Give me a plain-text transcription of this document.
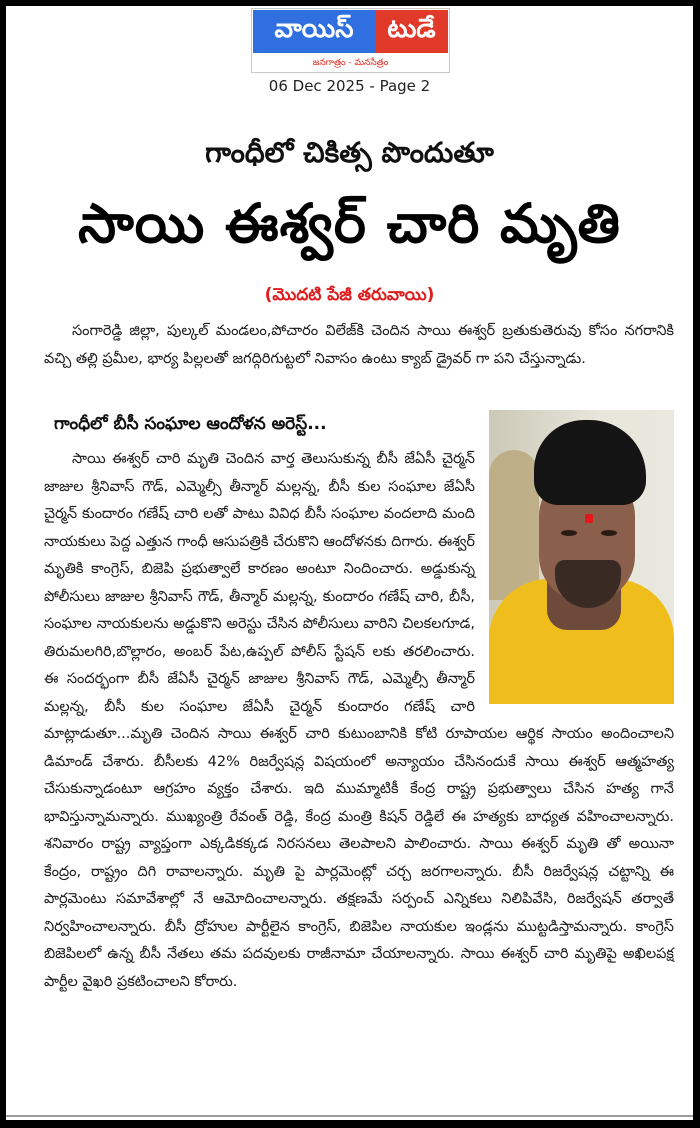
వాయిస్	టుడే
జనగాత్రం - మనసేత్రం
06 Dec 2025 - Page 2
గాంధీలో చికిత్స పొందుతూ
సాయి ఈశ్వర్ చారి మృతి
(మొదటి పేజీ తరువాయి)
సంగారెడ్డి జిల్లా, పుల్కల్ మండలం,పోచారం విలేజ్‌కి చెందిన సాయి ఈశ్వర్ బ్రతుకుతెరువు కోసం నగరానికి వచ్చి తల్లి ప్రమీల, భార్య పిల్లలతో జగద్గిరిగుట్టలో నివాసం ఉంటు క్యాబ్ డ్రైవర్ గా పని చేస్తున్నాడు.
గాంధీలో బీసీ సంఘాల ఆందోళన అరెస్ట్...

సాయి ఈశ్వర్ చారి మృతి చెందిన వార్త తెలుసుకున్న బీసీ జేఏసీ చైర్మన్ జాజుల శ్రీనివాస్ గౌడ్, ఎమ్మెల్సీ తీన్మార్ మల్లన్న, బీసీ కుల సంఘాల జేఏసీ చైర్మన్ కుందారం గణేష్ చారి లతో పాటు వివిధ బీసీ సంఘాల వందలాది మంది నాయకులు పెద్ద ఎత్తున గాంధీ ఆసుపత్రికి చేరుకొని ఆందోళనకు దిగారు. ఈశ్వర్ మృతికి కాంగ్రెస్, బిజెపి ప్రభుత్వాలే కారణం అంటూ నిందించారు. అడ్డుకున్న పోలీసులు జాజుల శ్రీనివాస్ గౌడ్, తీన్మార్ మల్లన్న, కుందారం గణేష్ చారి, బీసీ, సంఘాల నాయకులను అడ్డుకొని అరెస్టు చేసిన పోలీసులు వారిని చిలకలగూడ, తిరుమలగిరి,బొల్లారం, అంబర్ పేట,ఉప్పల్ పోలీస్ స్టేషన్ లకు తరలించారు. ఈ సందర్భంగా బీసీ జేఏసీ చైర్మన్ జాజుల శ్రీనివాస్ గౌడ్, ఎమ్మెల్సీ తీన్మార్ మల్లన్న, బీసీ కుల సంఘాల జేఏసీ చైర్మన్ కుందారం గణేష్ చారి మాట్లాడుతూ...మృతి చెందిన సాయి ఈశ్వర్ చారి కుటుంబానికి కోటి రూపాయల ఆర్థిక సాయం అందించాలని డిమాండ్ చేశారు. బీసీలకు 42% రిజర్వేషన్ల విషయంలో అన్యాయం చేసినందుకే సాయి ఈశ్వర్ ఆత్మహత్య చేసుకున్నాడంటూ ఆగ్రహం వ్యక్తం చేశారు. ఇది ముమ్మాటికీ కేంద్ర రాష్ట్ర ప్రభుత్వాలు చేసిన హత్య గానే భావిస్తున్నామన్నారు. ముఖ్యంత్రి రేవంత్ రెడ్డి, కేంద్ర మంత్రి కిషన్ రెడ్డిలే ఈ హత్యకు బాధ్యత వహించాలన్నారు. శనివారం రాష్ట్ర వ్యాప్తంగా ఎక్కడికక్కడ నిరసనలు తెలపాలని పాలించారు. సాయి ఈశ్వర్ మృతి తో అయినా కేంద్రం, రాష్ట్రం దిగి రావాలన్నారు. మృతి పై పార్లమెంట్లో చర్చ జరగాలన్నారు. బీసీ రిజర్వేషన్ల చట్టాన్ని ఈ పార్లమెంటు సమావేశాల్లో నే ఆమోదించాలన్నారు. తక్షణమే సర్పంచ్ ఎన్నికలు నిలిపివేసి, రిజర్వేషన్ తర్వాతే నిర్వహించాలన్నారు. బీసీ ద్రోహుల పార్టీలైన కాంగ్రెస్, బిజెపిల నాయకుల ఇండ్లను ముట్టడిస్తామన్నారు. కాంగ్రెస్ బిజెపిలలో ఉన్న బీసీ నేతలు తమ పదవులకు రాజీనామా చేయాలన్నారు. సాయి ఈశ్వర్ చారి మృతిపై అఖిలపక్ష పార్టీల వైఖరి ప్రకటించాలని కోరారు.
